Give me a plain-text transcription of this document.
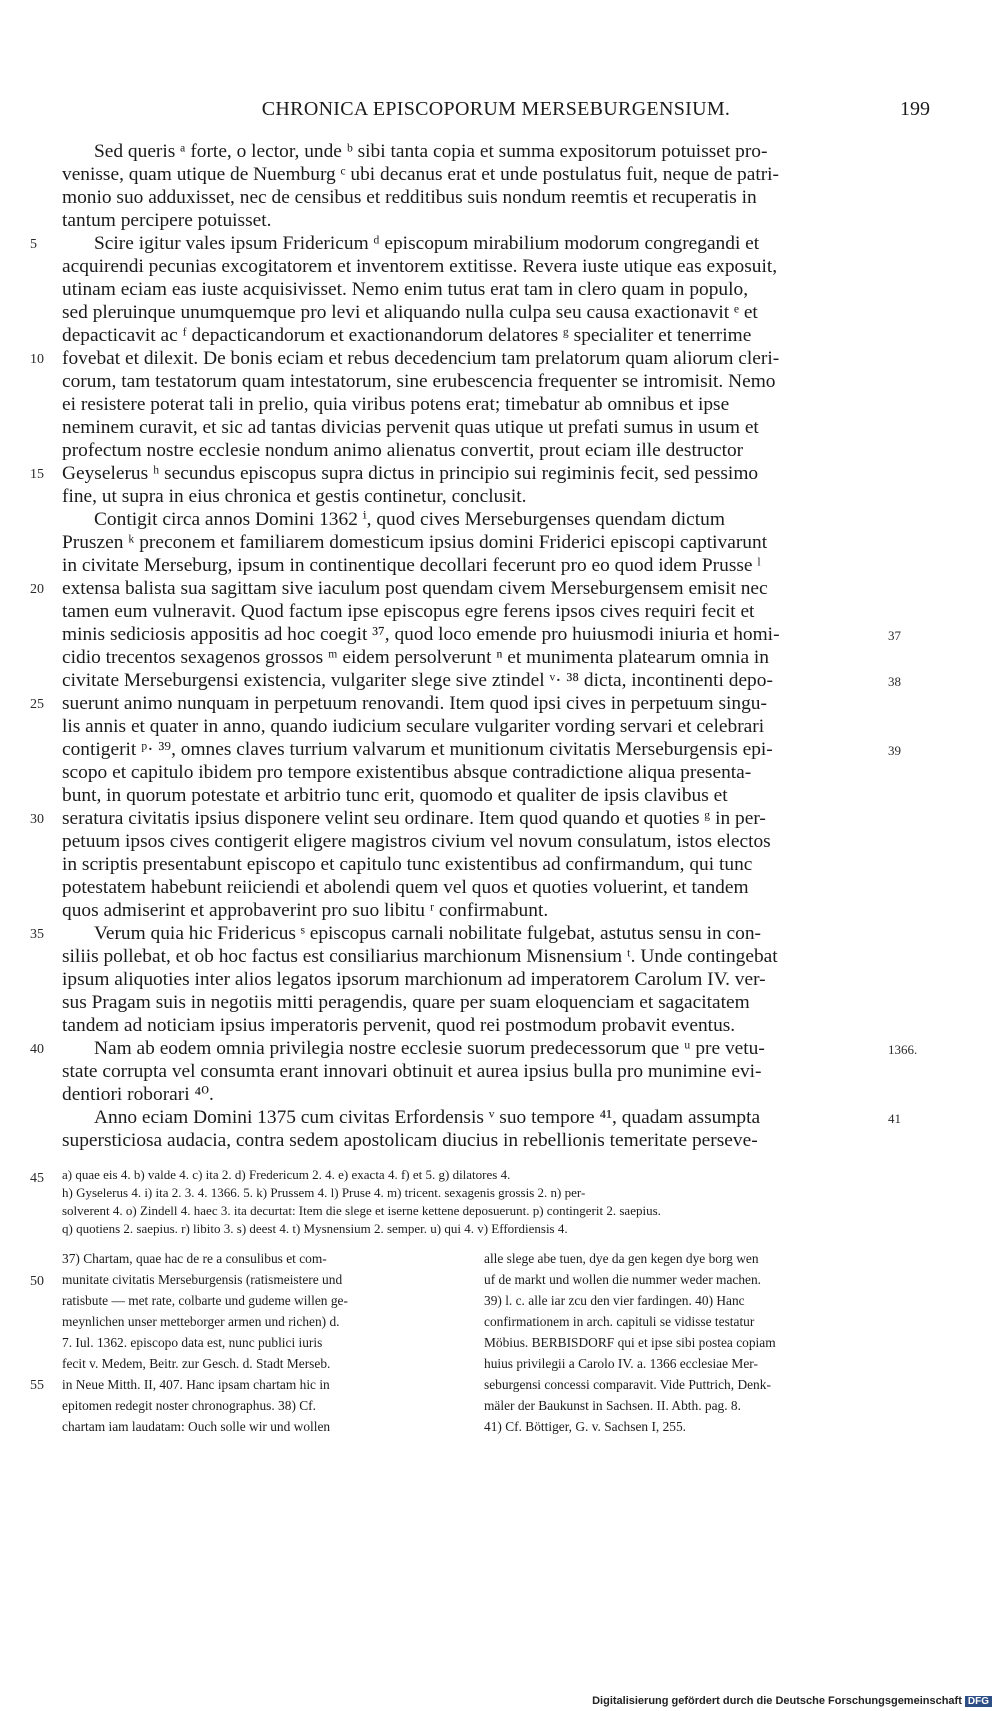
CHRONICA EPISCOPORUM MERSEBURGENSIUM.	199
Sed queris ᵃ forte, o lector, unde ᵇ sibi tanta copia et summa expositorum potuisset pro-
venisse, quam utique de Nuemburg ᶜ ubi decanus erat et unde postulatus fuit, neque de patri-
monio suo adduxisset, nec de censibus et redditibus suis nondum reemtis et recuperatis in
tantum percipere potuisset.
Scire igitur vales ipsum Fridericum ᵈ episcopum mirabilium modorum congregandi et
acquirendi pecunias excogitatorem et inventorem extitisse. Revera iuste utique eas exposuit,
utinam eciam eas iuste acquisivisset. Nemo enim tutus erat tam in clero quam in populo,
sed pleruinque unumquemque pro levi et aliquando nulla culpa seu causa exactionavit ᵉ et
depacticavit ac ᶠ depacticandorum et exactionandorum delatores ᵍ specialiter et tenerrime
fovebat et dilexit. De bonis eciam et rebus decedencium tam prelatorum quam aliorum cleri-
corum, tam testatorum quam intestatorum, sine erubescencia frequenter se intromisit. Nemo
ei resistere poterat tali in prelio, quia viribus potens erat; timebatur ab omnibus et ipse
neminem curavit, et sic ad tantas divicias pervenit quas utique ut prefati sumus in usum et
profectum nostre ecclesie nondum animo alienatus convertit, prout eciam ille destructor
Geyselerus ʰ secundus episcopus supra dictus in principio sui regiminis fecit, sed pessimo
fine, ut supra in eius chronica et gestis continetur, conclusit.
Contigit circa annos Domini 1362 ⁱ, quod cives Merseburgenses quendam dictum
Pruszen ᵏ preconem et familiarem domesticum ipsius domini Friderici episcopi captivarunt
in civitate Merseburg, ipsum in continentique decollari fecerunt pro eo quod idem Prusse ˡ
extensa balista sua sagittam sive iaculum post quendam civem Merseburgensem emisit nec
tamen eum vulneravit. Quod factum ipse episcopus egre ferens ipsos cives requiri fecit et
minis sediciosis appositis ad hoc coegit ³⁷, quod loco emende pro huiusmodi iniuria et homi-
cidio trecentos sexagenos grossos ᵐ eidem persolverunt ⁿ et munimenta platearum omnia in
civitate Merseburgensi existencia, vulgariter slege sive ztindel ᵛ· ³⁸ dicta, incontinenti depo-
suerunt animo nunquam in perpetuum renovandi. Item quod ipsi cives in perpetuum singu-
lis annis et quater in anno, quando iudicium seculare vulgariter vording servari et celebrari
contigerit ᵖ· ³⁹, omnes claves turrium valvarum et munitionum civitatis Merseburgensis epi-
scopo et capitulo ibidem pro tempore existentibus absque contradictione aliqua presenta-
bunt, in quorum potestate et arbitrio tunc erit, quomodo et qualiter de ipsis clavibus et
seratura civitatis ipsius disponere velint seu ordinare. Item quod quando et quoties ᵍ in per-
petuum ipsos cives contigerit eligere magistros civium vel novum consulatum, istos electos
in scriptis presentabunt episcopo et capitulo tunc existentibus ad confirmandum, qui tunc
potestatem habebunt reiiciendi et abolendi quem vel quos et quoties voluerint, et tandem
quos admiserint et approbaverint pro suo libitu ʳ confirmabunt.
Verum quia hic Fridericus ˢ episcopus carnali nobilitate fulgebat, astutus sensu in con-
siliis pollebat, et ob hoc factus est consiliarius marchionum Misnensium ᵗ. Unde contingebat
ipsum aliquoties inter alios legatos ipsorum marchionum ad imperatorem Carolum IV. ver-
sus Pragam suis in negotiis mitti peragendis, quare per suam eloquenciam et sagacitatem
tandem ad noticiam ipsius imperatoris pervenit, quod rei postmodum probavit eventus.
Nam ab eodem omnia privilegia nostre ecclesie suorum predecessorum que ᵘ pre vetu-
state corrupta vel consumta erant innovari obtinuit et aurea ipsius bulla pro munimine evi-
dentiori roborari ⁴⁰.
Anno eciam Domini 1375 cum civitas Erfordensis ᵛ suo tempore ⁴¹, quadam assumpta
supersticiosa audacia, contra sedem apostolicam diucius in rebellionis temeritate perseve-
5
10
15
20
25
30
35
40
45
50
55
37
38
39
1366.
41
a) quae eis 4. b) valde 4. c) ita 2. d) Fredericum 2. 4. e) exacta 4. f) et 5. g) dilatores 4.
h) Gyselerus 4. i) ita 2. 3. 4. 1366. 5. k) Prussem 4. l) Pruse 4. m) tricent. sexagenis grossis 2. n) per-
solverent 4. o) Zindell 4. haec 3. ita decurtat: Item die slege et iserne kettene deposuerunt. p) contingerit 2. saepius.
q) quotiens 2. saepius. r) libito 3. s) deest 4. t) Mysnensium 2. semper. u) qui 4. v) Effordiensis 4.
37) Chartam, quae hac de re a consulibus et com-
munitate civitatis Merseburgensis (ratismeistere und
ratisbute — met rate, colbarte und gudeme willen ge-
meynlichen unser metteborger armen und richen) d.
7. Iul. 1362. episcopo data est, nunc publici iuris
fecit v. Medem, Beitr. zur Gesch. d. Stadt Merseb.
in Neue Mitth. II, 407. Hanc ipsam chartam hic in
epitomen redegit noster chronographus. 38) Cf.
chartam iam laudatam: Ouch solle wir und wollen
alle slege abe tuen, dye da gen kegen dye borg wen
uf de markt und wollen die nummer weder machen.
39) l. c. alle iar zcu den vier fardingen. 40) Hanc
confirmationem in arch. capituli se vidisse testatur
Möbius. BERBISDORF qui et ipse sibi postea copiam
huius privilegii a Carolo IV. a. 1366 ecclesiae Mer-
seburgensi concessi comparavit. Vide Puttrich, Denk-
mäler der Baukunst in Sachsen. II. Abth. pag. 8.
41) Cf. Böttiger, G. v. Sachsen I, 255.
Digitalisierung gefördert durch die Deutsche Forschungsgemeinschaft DFG
